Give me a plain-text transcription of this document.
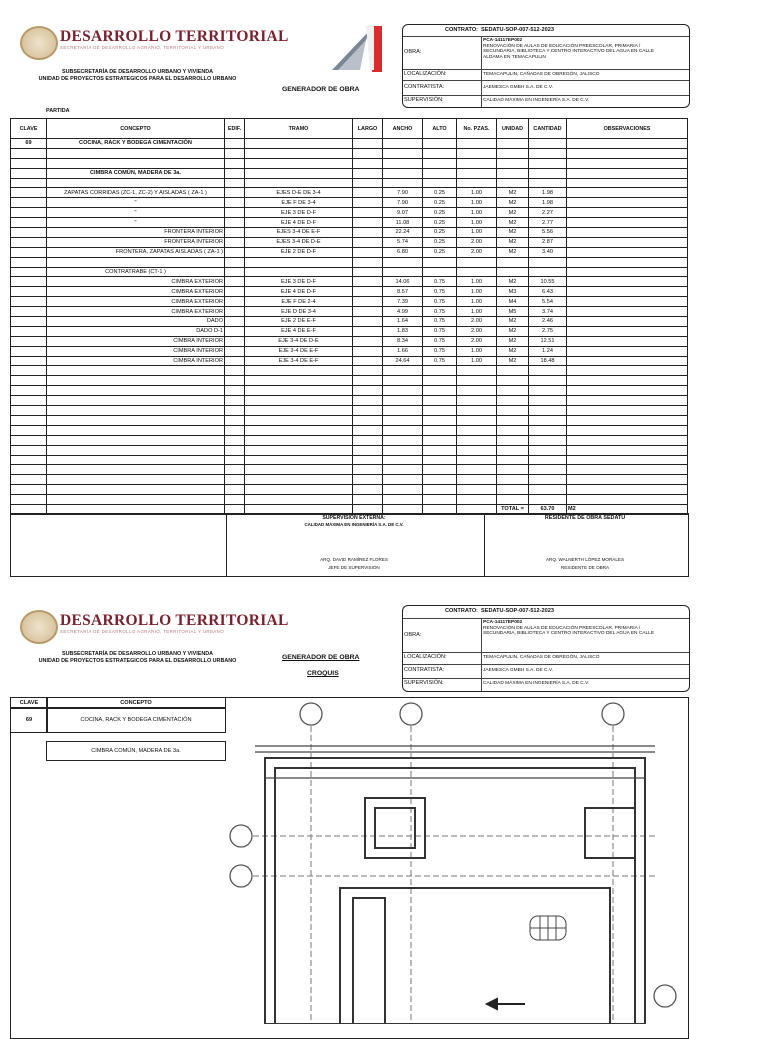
DESARROLLO TERRITORIAL
SECRETARÍA DE DESARROLLO AGRARIO, TERRITORIAL Y URBANO
SUBSECRETARÍA DE DESARROLLO URBANO Y VIVIENDA
UNIDAD DE PROYECTOS ESTRATEGICOS PARA EL DESARROLLO URBANO
GENERADOR DE OBRA
CONTRATO: SEDATU-SOP-007-512-2023
OBRA:
PCA-14117EP002
RENOVACIÓN DE AULAS DE EDUCACIÓN PREESCOLAR, PRIMARIA /
SECUNDARIA, BIBLIOTECA Y CENTRO INTERACTIVO DEL AGUA EN CALLE
ALDAMA EN TEMACAPULIN
LOCALIZACIÓN:	TEMACAPULIN, CAÑADAS DE OBREGÓN, JALISCO
CONTRATISTA:	JAEMESCA GMBH S.A. DE C.V.
SUPERVISIÓN:	CALIDAD MÁXIMA EN INGENIERÍA S.A. DE C.V.
PARTIDA
CLAVE	CONCEPTO	EDIF.	TRAMO	LARGO	ANCHO	ALTO	No. PZAS.	UNIDAD	CANTIDAD	OBSERVACIONES
69	COCINA, RACK Y BODEGA CIMENTACIÓN									

	CIMBRA COMÚN, MADERA DE 3a.									

	ZAPATAS CORRIDAS (ZC-1, ZC-2) Y AISLADAS ( ZA-1 )		EJES D-E DE 3-4		7.90	0.25	1.00	M2	1.98	
	"		EJE F DE 3-4		7.90	0.25	1.00	M2	1.98	
	"		EJE 3 DE D-F		9.07	0.25	1.00	M2	2.27	
	"		EJE 4 DE D-F		11.08	0.25	1.00	M2	2.77	
	FRONTERA INTERIOR		EJES 3-4 DE E-F		22.24	0.25	1.00	M2	5.56	
	FRONTERA INTERIOR		EJES 3-4 DE D-E		5.74	0.25	2.00	M2	2.87	
	FRONTERA, ZAPATAS AISLADAS ( ZA-1 )		EJE 2 DE D-F		6.80	0.25	2.00	M2	3.40	

	CONTRATRABE (CT-1 )									
	CIMBRA EXTERIOR		EJE 3 DE D-F		14.06	0.75	1.00	M2	10.55	
	CIMBRA EXTERIOR		EJE 4 DE D-F		8.57	0.75	1.00	M3	6.43	
	CIMBRA EXTERIOR		EJE F DE 2-4		7.39	0.75	1.00	M4	5.54	
	CIMBRA EXTERIOR		EJE D DE 3-4		4.99	0.75	1.00	M5	3.74	
	DADO		EJE 2 DE E-F		1.64	0.75	2.00	M2	2.46	
	DADO D-1		EJE 4 DE E-F		1.83	0.75	2.00	M2	2.75	
	CIMBRA INTERIOR		EJE 3-4 DE D-E		8.34	0.75	2.00	M2	12.51	
	CIMBRA INTERIOR		EJE 3-4 DE E-F		1.66	0.75	1.00	M2	1.24	
	CIMBRA INTERIOR		EJE 3-4 DE E-F		24.64	0.75	1.00	M2	18.48	

								TOTAL =	63.70	M2
SUPERVISIÓN EXTERNA:
CALIDAD MÁXIMA EN INGENIERÍA S.A. DE C.V.
RESIDENTE DE OBRA SEDATU
ARQ. DAVID RAMÍREZ FLORES
JEFE DE SUPERVISIÓN
ARQ. WALNERTH LÓPEZ MORALES
RESIDENTE DE OBRA
DESARROLLO TERRITORIAL
SECRETARÍA DE DESARROLLO AGRARIO, TERRITORIAL Y URBANO
SUBSECRETARÍA DE DESARROLLO URBANO Y VIVIENDA
UNIDAD DE PROYECTOS ESTRATEGICOS PARA EL DESARROLLO URBANO	GENERADOR DE OBRA
CROQUIS
CONTRATO: SEDATU-SOP-007-512-2023
OBRA:
PCA-14117EP002
RENOVACIÓN DE AULAS DE EDUCACIÓN PREESCOLAR, PRIMARIA /
SECUNDARIA, BIBLIOTECA Y CENTRO INTERACTIVO DEL AGUA EN CALLE
LOCALIZACIÓN:	TEMACAPULIN, CAÑADAS DE OBREGÓN, JALISCO
CONTRATISTA:	JAEMESCA GMBH S.A. DE C.V.
SUPERVISIÓN:	CALIDAD MÁXIMA EN INGENIERÍA S.A. DE C.V.
CLAVE	CONCEPTO
69	COCINA, RACK Y BODEGA CIMENTACIÓN
CIMBRA COMÚN, MADERA DE 3a.
